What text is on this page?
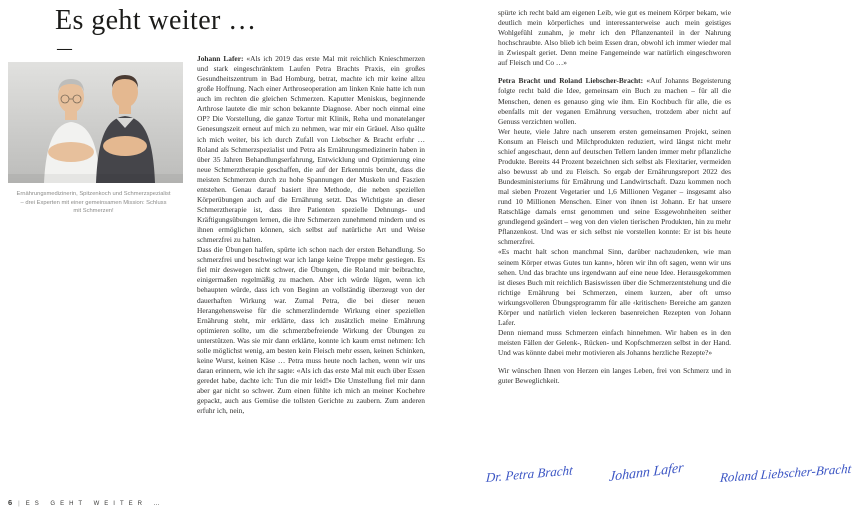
Es geht weiter …
—
Ernährungsmedizinerin, Spitzenkoch und Schmerzspezialist – drei Experten mit einer gemeinsamen Mission: Schluss mit Schmerzen!

Johann Lafer: «Als ich 2019 das erste Mal mit reichlich Knieschmerzen und stark eingeschränktem Laufen Petra Brachts Praxis, ein großes Gesundheitszentrum in Bad Homburg, betrat, machte ich mir keine allzu große Hoffnung. Nach einer Arthroseoperation am linken Knie hatte ich nun auch im rechten die gleichen Schmerzen. Kaputter Meniskus, beginnende Arthrose lautete die mir schon bekannte Diagnose. Aber noch einmal eine OP? Die Vorstellung, die ganze Tortur mit Klinik, Reha und monatelanger Genesungszeit erneut auf mich zu nehmen, war mir ein Gräuel. Also quälte ich mich weiter, bis ich durch Zufall von Liebscher & Bracht erfuhr … Roland als Schmerzspezialist und Petra als Ernährungsmedizinerin haben in über 35 Jahren Behandlungserfahrung, Entwicklung und Optimierung eine neue Schmerztherapie geschaffen, die auf der Erkenntnis beruht, dass die meisten Schmerzen durch zu hohe Spannungen der Muskeln und Faszien entstehen. Genau darauf basiert ihre Methode, die neben speziellen Körperübungen auch auf die Ernährung setzt. Das Wichtigste an dieser Schmerztherapie ist, dass ihre Patienten spezielle Dehnungs- und Kräftigungsübungen lernen, die ihre Schmerzen zunehmend mindern und es ihnen ermöglichen können, sich selbst auf natürliche Art und Weise schmerzfrei zu halten.

Dass die Übungen halfen, spürte ich schon nach der ersten Behandlung. So schmerzfrei und beschwingt war ich lange keine Treppe mehr gestiegen. Es fiel mir deswegen nicht schwer, die Übungen, die Roland mir beibrachte, einigermaßen regelmäßig zu machen. Aber ich würde lügen, wenn ich behaupten würde, dass ich von Beginn an vollständig überzeugt von der dauerhaften Wirkung war. Zumal Petra, die bei dieser neuen Herangehensweise für die schmerzlindernde Wirkung einer speziellen Ernährung steht, mir erklärte, dass ich zusätzlich meine Ernährung optimieren sollte, um die schmerzbefreiende Wirkung der Übungen zu unterstützen. Was sie mir dann erklärte, konnte ich kaum ernst nehmen: Ich solle möglichst wenig, am besten kein Fleisch mehr essen, keinen Schinken, keine Wurst, keinen Käse … Petra muss heute noch lachen, wenn wir uns daran erinnern, wie ich ihr sagte: «Als ich das erste Mal mit euch über Essen geredet habe, dachte ich: Tun die mir leid!» Die Umstellung fiel mir dann aber gar nicht so schwer. Zum einen fühlte ich mich an meiner Kochehre gepackt, auch aus Gemüse die tollsten Gerichte zu zaubern. Zum anderen erfuhr ich, nein,

spürte ich recht bald am eigenen Leib, wie gut es meinem Körper bekam, wie deutlich mein körperliches und interessanterweise auch mein geistiges Wohlgefühl zunahm, je mehr ich den Pflanzenanteil in der Nahrung hochschraubte. Also blieb ich beim Essen dran, obwohl ich immer wieder mal in Zwiespalt geriet. Denn meine Fangemeinde war natürlich eingeschworen auf Fleisch und Co …»

Petra Bracht und Roland Liebscher-Bracht: «Auf Johanns Begeisterung folgte recht bald die Idee, gemeinsam ein Buch zu machen – für all die Menschen, denen es genauso ging wie ihm. Ein Kochbuch für alle, die es ebenfalls mit der veganen Ernährung versuchen, trotzdem aber nicht auf Genuss verzichten wollen.

Wer heute, viele Jahre nach unserem ersten gemeinsamen Projekt, seinen Konsum an Fleisch und Milchprodukten reduziert, wird längst nicht mehr schief angeschaut, denn auf deutschen Tellern landen immer mehr pflanzliche Produkte. Bereits 44 Prozent bezeichnen sich selbst als Flexitarier, vermeiden also bewusst ab und zu Fleisch. So ergab der Ernährungsreport 2022 des Bundesministeriums für Ernährung und Landwirtschaft. Dazu kommen noch mal sieben Prozent Vegetarier und 1,6 Millionen Veganer – insgesamt also rund 10 Millionen Menschen. Einer von ihnen ist Johann. Er hat unsere Ratschläge damals ernst genommen und seine Essgewohnheiten seither grundlegend geändert – weg von den vielen tierischen Produkten, hin zu mehr Pflanzenkost. Und was er sich selbst nie vorstellen konnte: Er ist bis heute schmerzfrei.

«Es macht halt schon manchmal Sinn, darüber nachzudenken, wie man seinem Körper etwas Gutes tun kann», hören wir ihn oft sagen, wenn wir uns sehen. Und das brachte uns irgendwann auf eine neue Idee. Herausgekommen ist dieses Buch mit reichlich Basiswissen über die Schmerzentstehung und die richtige Ernährung bei Schmerzen, einem kurzen, aber oft umso wirkungsvolleren Übungsprogramm für alle ‹kritischen› Bereiche am ganzen Körper und natürlich vielen leckeren basenreichen Rezepten von Johann Lafer.

Denn niemand muss Schmerzen einfach hinnehmen. Wir haben es in den meisten Fällen der Gelenk-, Rücken- und Kopfschmerzen selbst in der Hand. Und was könnte dabei mehr motivieren als Johanns herzliche Rezepte?»

Wir wünschen Ihnen von Herzen ein langes Leben, frei von Schmerz und in guter Beweglichkeit.

Dr. Petra Bracht	Johann Lafer	Roland Liebscher-Bracht
6 | ES GEHT WEITER …
